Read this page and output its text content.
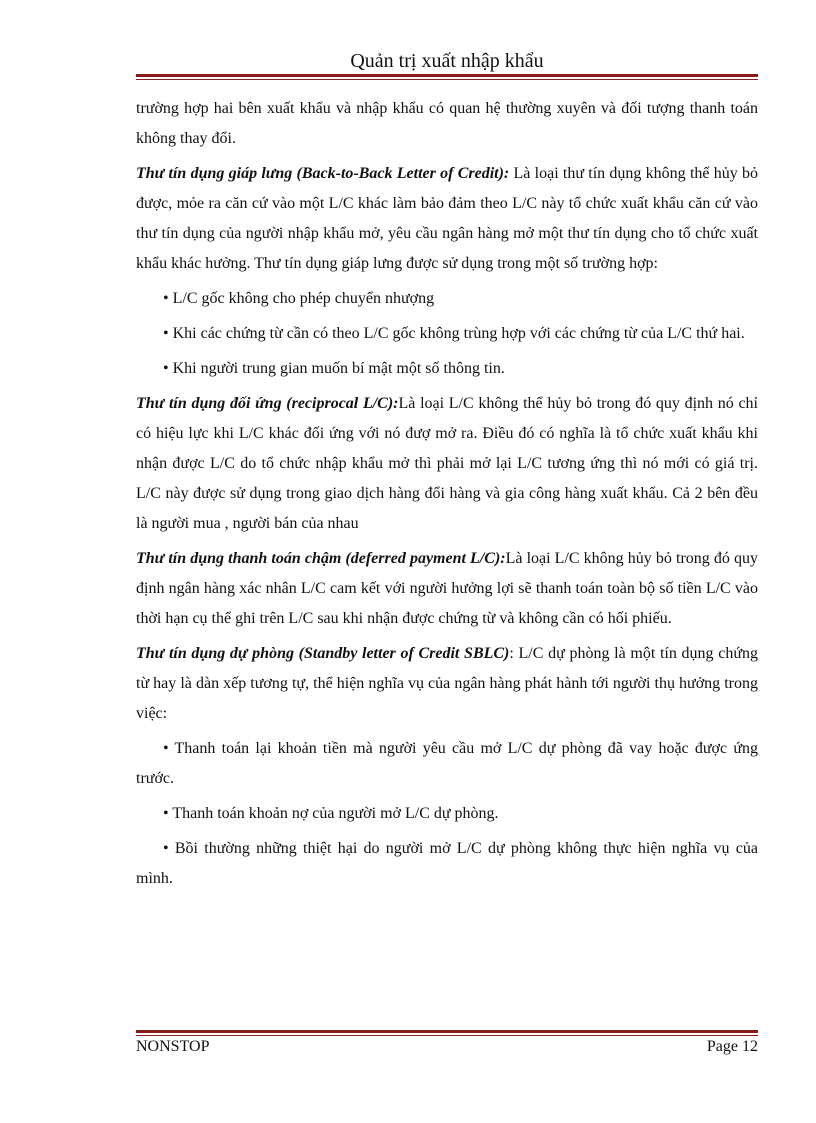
Quản trị xuất nhập khẩu

trường hợp hai bên xuất khẩu và nhập khẩu có quan hệ thường xuyên và đối tượng thanh toán không thay đổi.

Thư tín dụng giáp lưng (Back-to-Back Letter of Credit): Là loại thư tín dụng không thể hủy bỏ được, mỏe ra căn cứ vào một L/C khác làm bảo đảm theo L/C này tổ chức xuất khẩu căn cứ vào thư tín dụng của người nhập khẩu mở, yêu cầu ngân hàng mở một thư tín dụng cho tổ chức xuất khẩu khác hưởng. Thư tín dụng giáp lưng được sử dụng trong một số trường hợp:

• L/C gốc không cho phép chuyển nhượng

• Khi các chứng từ cần có theo L/C gốc không trùng hợp với các chứng từ của L/C thứ hai.

• Khi người trung gian muốn bí mật một số thông tin.

Thư tín dụng đối ứng (reciprocal L/C):Là loại L/C không thể hủy bỏ trong đó quy định nó chỉ có hiệu lực khi L/C khác đối ứng với nó đượ mở ra. Điều đó có nghĩa là tổ chức xuất khẩu khi nhận được L/C do tổ chức nhập khẩu mở thì phải mở lại L/C tương ứng thì nó mới có giá trị. L/C này được sử dụng trong giao dịch hàng đổi hàng và gia công hàng xuất khẩu. Cả 2 bên đều là người mua , người bán của nhau

Thư tín dụng thanh toán chậm (deferred payment L/C):Là loại L/C không hủy bỏ trong đó quy định ngân hàng xác nhân L/C cam kết với người hưởng lợi sẽ thanh toán toàn bộ số tiền L/C vào thời hạn cụ thể ghi trên L/C sau khi nhận được chứng từ và không cần có hối phiếu.

Thư tín dụng dự phòng (Standby letter of Credit SBLC): L/C dự phòng là một tín dụng chứng từ hay là dàn xếp tương tự, thể hiện nghĩa vụ của ngân hàng phát hành tới người thụ hưởng trong việc:

• Thanh toán lại khoản tiền mà người yêu cầu mở L/C dự phòng đã vay hoặc được ứng trước.

• Thanh toán khoản nợ của người mở L/C dự phòng.

• Bồi thường những thiệt hại do người mở L/C dự phòng không thực hiện nghĩa vụ của mình.

NONSTOP	Page 12
